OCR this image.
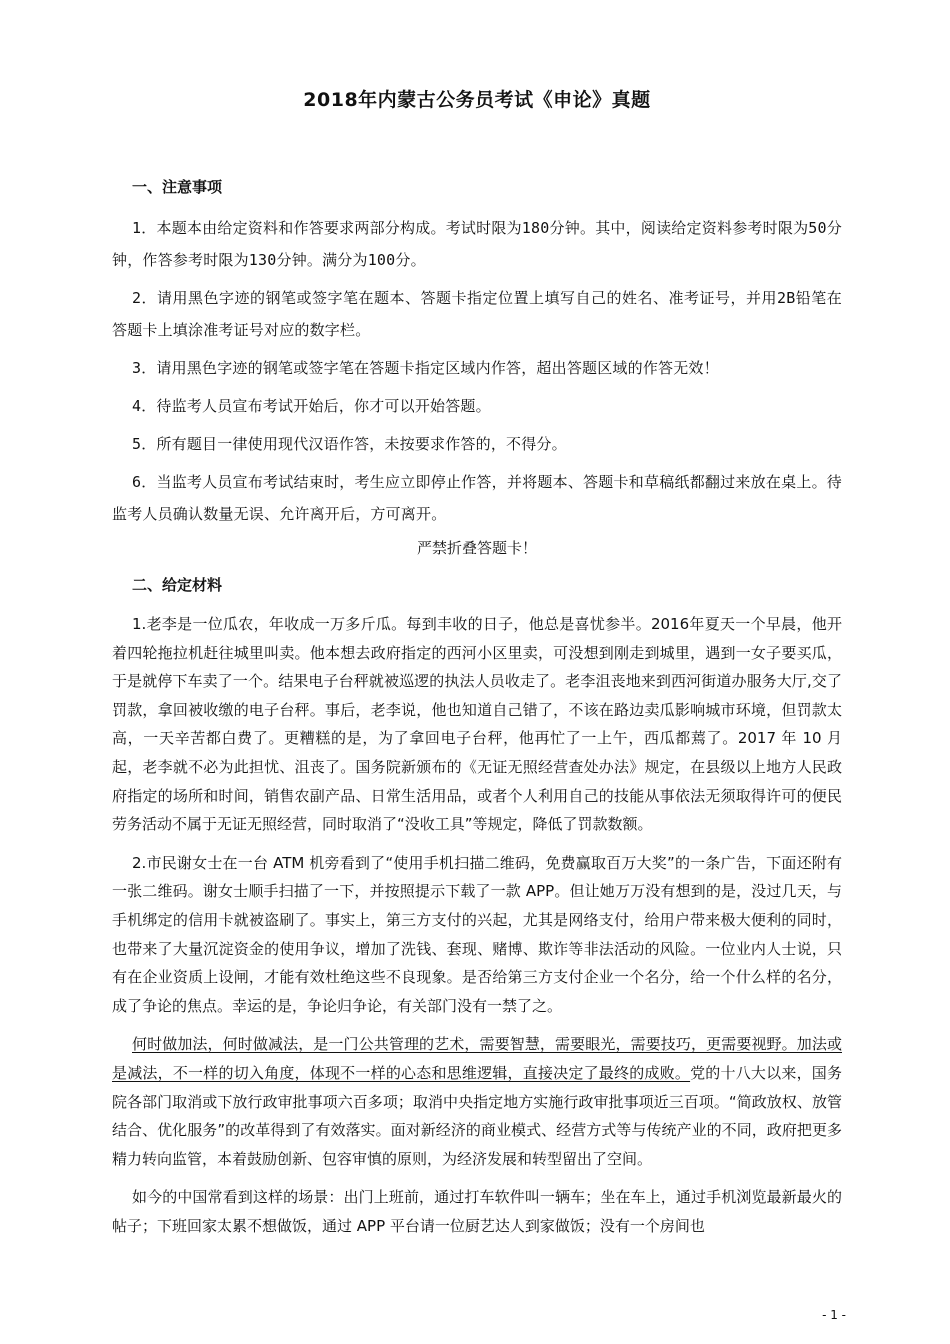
2018年内蒙古公务员考试《申论》真题
一、注意事项

1．本题本由给定资料和作答要求两部分构成。考试时限为180分钟。其中，阅读给定资料参考时限为50分钟，作答参考时限为130分钟。满分为100分。

2．请用黑色字迹的钢笔或签字笔在题本、答题卡指定位置上填写自己的姓名、准考证号，并用2B铅笔在答题卡上填涂准考证号对应的数字栏。

3．请用黑色字迹的钢笔或签字笔在答题卡指定区域内作答，超出答题区域的作答无效！

4．待监考人员宣布考试开始后，你才可以开始答题。

5．所有题目一律使用现代汉语作答，未按要求作答的，不得分。

6．当监考人员宣布考试结束时，考生应立即停止作答，并将题本、答题卡和草稿纸都翻过来放在桌上。待监考人员确认数量无误、允许离开后，方可离开。

严禁折叠答题卡！
二、给定材料

1.老李是一位瓜农，年收成一万多斤瓜。每到丰收的日子，他总是喜忧参半。2016年夏天一个早晨，他开着四轮拖拉机赶往城里叫卖。他本想去政府指定的西河小区里卖，可没想到刚走到城里，遇到一女子要买瓜，于是就停下车卖了一个。结果电子台秤就被巡逻的执法人员收走了。老李沮丧地来到西河街道办服务大厅,交了罚款，拿回被收缴的电子台秤。事后，老李说，他也知道自己错了，不该在路边卖瓜影响城市环境，但罚款太高，一天辛苦都白费了。更糟糕的是，为了拿回电子台秤，他再忙了一上午，西瓜都蔫了。2017 年 10 月起，老李就不必为此担忧、沮丧了。国务院新颁布的《无证无照经营查处办法》规定，在县级以上地方人民政府指定的场所和时间，销售农副产品、日常生活用品，或者个人利用自己的技能从事依法无须取得许可的便民劳务活动不属于无证无照经营，同时取消了“没收工具”等规定，降低了罚款数额。

2.市民谢女士在一台 ATM 机旁看到了“使用手机扫描二维码，免费赢取百万大奖”的一条广告，下面还附有一张二维码。谢女士顺手扫描了一下，并按照提示下载了一款 APP。但让她万万没有想到的是，没过几天，与手机绑定的信用卡就被盗刷了。事实上，第三方支付的兴起，尤其是网络支付，给用户带来极大便利的同时，也带来了大量沉淀资金的使用争议，增加了洗钱、套现、赌博、欺诈等非法活动的风险。一位业内人士说，只有在企业资质上设闸，才能有效杜绝这些不良现象。是否给第三方支付企业一个名分，给一个什么样的名分，成了争论的焦点。幸运的是，争论归争论，有关部门没有一禁了之。

何时做加法，何时做减法，是一门公共管理的艺术，需要智慧，需要眼光，需要技巧，更需要视野。加法或是减法，不一样的切入角度，体现不一样的心态和思维逻辑，直接决定了最终的成败。党的十八大以来，国务院各部门取消或下放行政审批事项六百多项；取消中央指定地方实施行政审批事项近三百项。“简政放权、放管结合、优化服务”的改革得到了有效落实。面对新经济的商业模式、经营方式等与传统产业的不同，政府把更多精力转向监管，本着鼓励创新、包容审慎的原则，为经济发展和转型留出了空间。

如今的中国常看到这样的场景：出门上班前，通过打车软件叫一辆车；坐在车上，通过手机浏览最新最火的帖子；下班回家太累不想做饭，通过 APP 平台请一位厨艺达人到家做饭；没有一个房间也

- 1 -
